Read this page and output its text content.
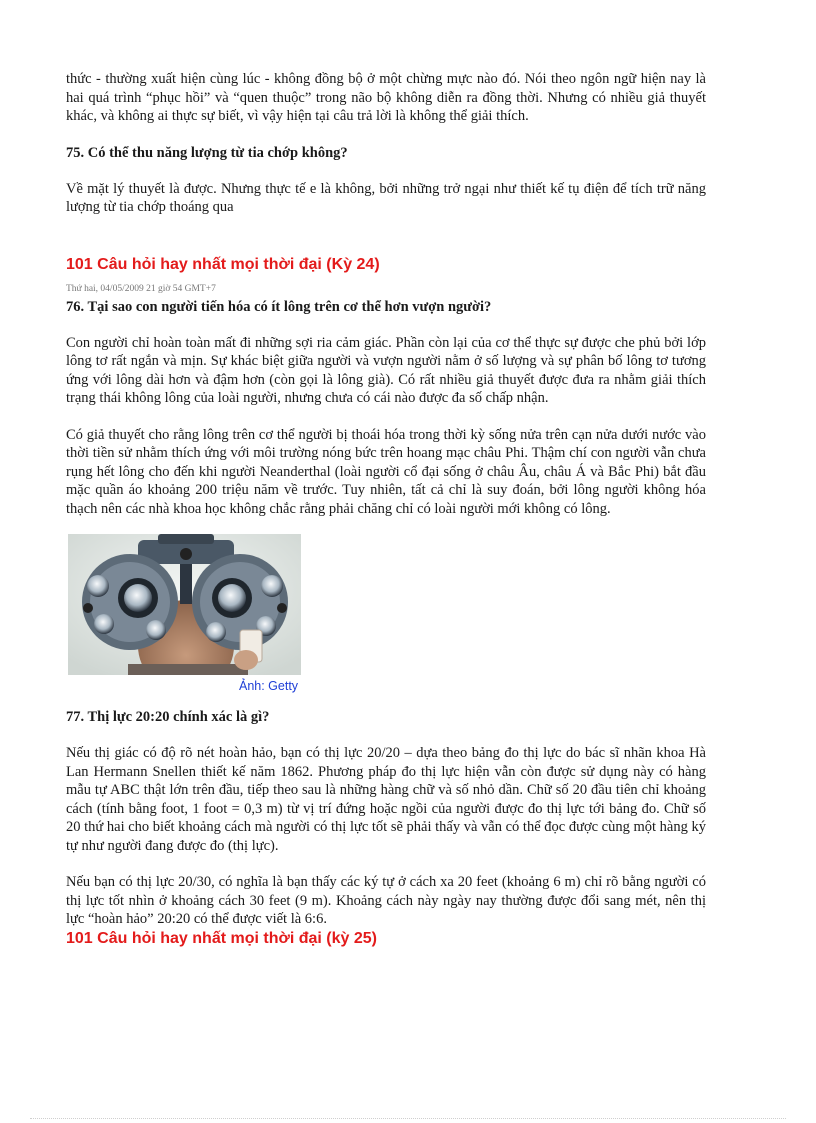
thức - thường xuất hiện cùng lúc - không đồng bộ ở một chừng mực nào đó. Nói theo ngôn ngữ hiện nay là hai quá trình “phục hồi” và “quen thuộc” trong não bộ không diễn ra đồng thời. Nhưng có nhiều giả thuyết khác, và không ai thực sự biết, vì vậy hiện tại câu trả lời là không thể giải thích.

75. Có thể thu năng lượng từ tia chớp không?

Về mặt lý thuyết là được. Nhưng thực tế e là không, bởi những trở ngại như thiết kế tụ điện để tích trữ năng lượng từ tia chớp thoáng qua

101 Câu hỏi hay nhất mọi thời đại (Kỳ 24)
Thứ hai, 04/05/2009 21 giờ 54 GMT+7
76. Tại sao con người tiến hóa có ít lông trên cơ thể hơn vượn người?

Con người chỉ hoàn toàn mất đi những sợi ria cảm giác. Phần còn lại của cơ thể thực sự được che phủ bởi lớp lông tơ rất ngắn và mịn. Sự khác biệt giữa người và vượn người nằm ở số lượng và sự phân bố lông tơ tương ứng với lông dài hơn và đậm hơn (còn gọi là lông già). Có rất nhiều giả thuyết được đưa ra nhằm giải thích trạng thái không lông của loài người, nhưng chưa có cái nào được đa số chấp nhận.

Có giả thuyết cho rằng lông trên cơ thể người bị thoái hóa trong thời kỳ sống nửa trên cạn nửa dưới nước vào thời tiền sử nhằm thích ứng với môi trường nóng bức trên hoang mạc châu Phi. Thậm chí con người vẫn chưa rụng hết lông cho đến khi người Neanderthal (loài người cổ đại sống ở châu Âu, châu Á và Bắc Phi) bắt đầu mặc quần áo khoảng 200 triệu năm về trước. Tuy nhiên, tất cả chỉ là suy đoán, bởi lông người không hóa thạch nên các nhà khoa học không chắc rằng phải chăng chỉ có loài người mới không có lông.

Ảnh: Getty
77. Thị lực 20:20 chính xác là gì?

Nếu thị giác có độ rõ nét hoàn hảo, bạn có thị lực 20/20 – dựa theo bảng đo thị lực do bác sĩ nhãn khoa Hà Lan Hermann Snellen thiết kế năm 1862. Phương pháp đo thị lực hiện vẫn còn được sử dụng này có hàng mẫu tự ABC thật lớn trên đầu, tiếp theo sau là những hàng chữ và số nhỏ dần. Chữ số 20 đầu tiên chỉ khoảng cách (tính bằng foot, 1 foot = 0,3 m) từ vị trí đứng hoặc ngồi của người được đo thị lực tới bảng đo. Chữ số 20 thứ hai cho biết khoảng cách mà người có thị lực tốt sẽ phải thấy và vẫn có thể đọc được cùng một hàng ký tự như người đang được đo (thị lực).

Nếu bạn có thị lực 20/30, có nghĩa là bạn thấy các ký tự ở cách xa 20 feet (khoảng 6 m) chỉ rõ bằng người có thị lực tốt nhìn ở khoảng cách 30 feet (9 m). Khoảng cách này ngày nay thường được đổi sang mét, nên thị lực “hoàn hảo” 20:20 có thể được viết là 6:6.

101 Câu hỏi hay nhất mọi thời đại (kỳ 25)
